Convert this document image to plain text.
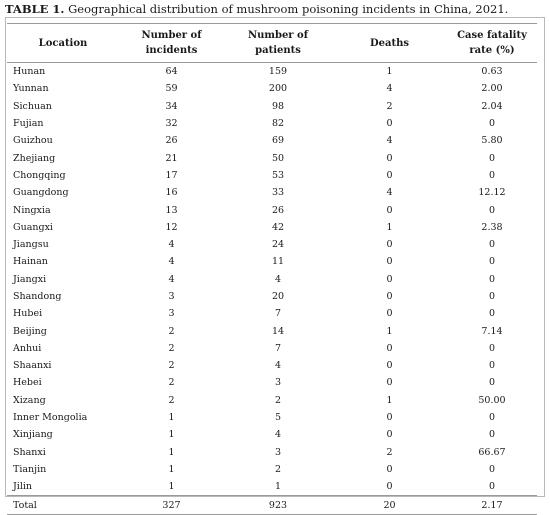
TABLE 1. Geographical distribution of mushroom poisoning incidents in China, 2021.
Location	Number of incidents	Number of patients	Deaths	Case fatality
rate (%)
Hunan	64	159	1	0.63
Yunnan	59	200	4	2.00
Sichuan	34	98	2	2.04
Fujian	32	82	0	0
Guizhou	26	69	4	5.80
Zhejiang	21	50	0	0
Chongqing	17	53	0	0
Guangdong	16	33	4	12.12
Ningxia	13	26	0	0
Guangxi	12	42	1	2.38
Jiangsu	4	24	0	0
Hainan	4	11	0	0
Jiangxi	4	4	0	0
Shandong	3	20	0	0
Hubei	3	7	0	0
Beijing	2	14	1	7.14
Anhui	2	7	0	0
Shaanxi	2	4	0	0
Hebei	2	3	0	0
Xizang	2	2	1	50.00
Inner Mongolia	1	5	0	0
Xinjiang	1	4	0	0
Shanxi	1	3	2	66.67
Tianjin	1	2	0	0
Jilin	1	1	0	0
Total	327	923	20	2.17
